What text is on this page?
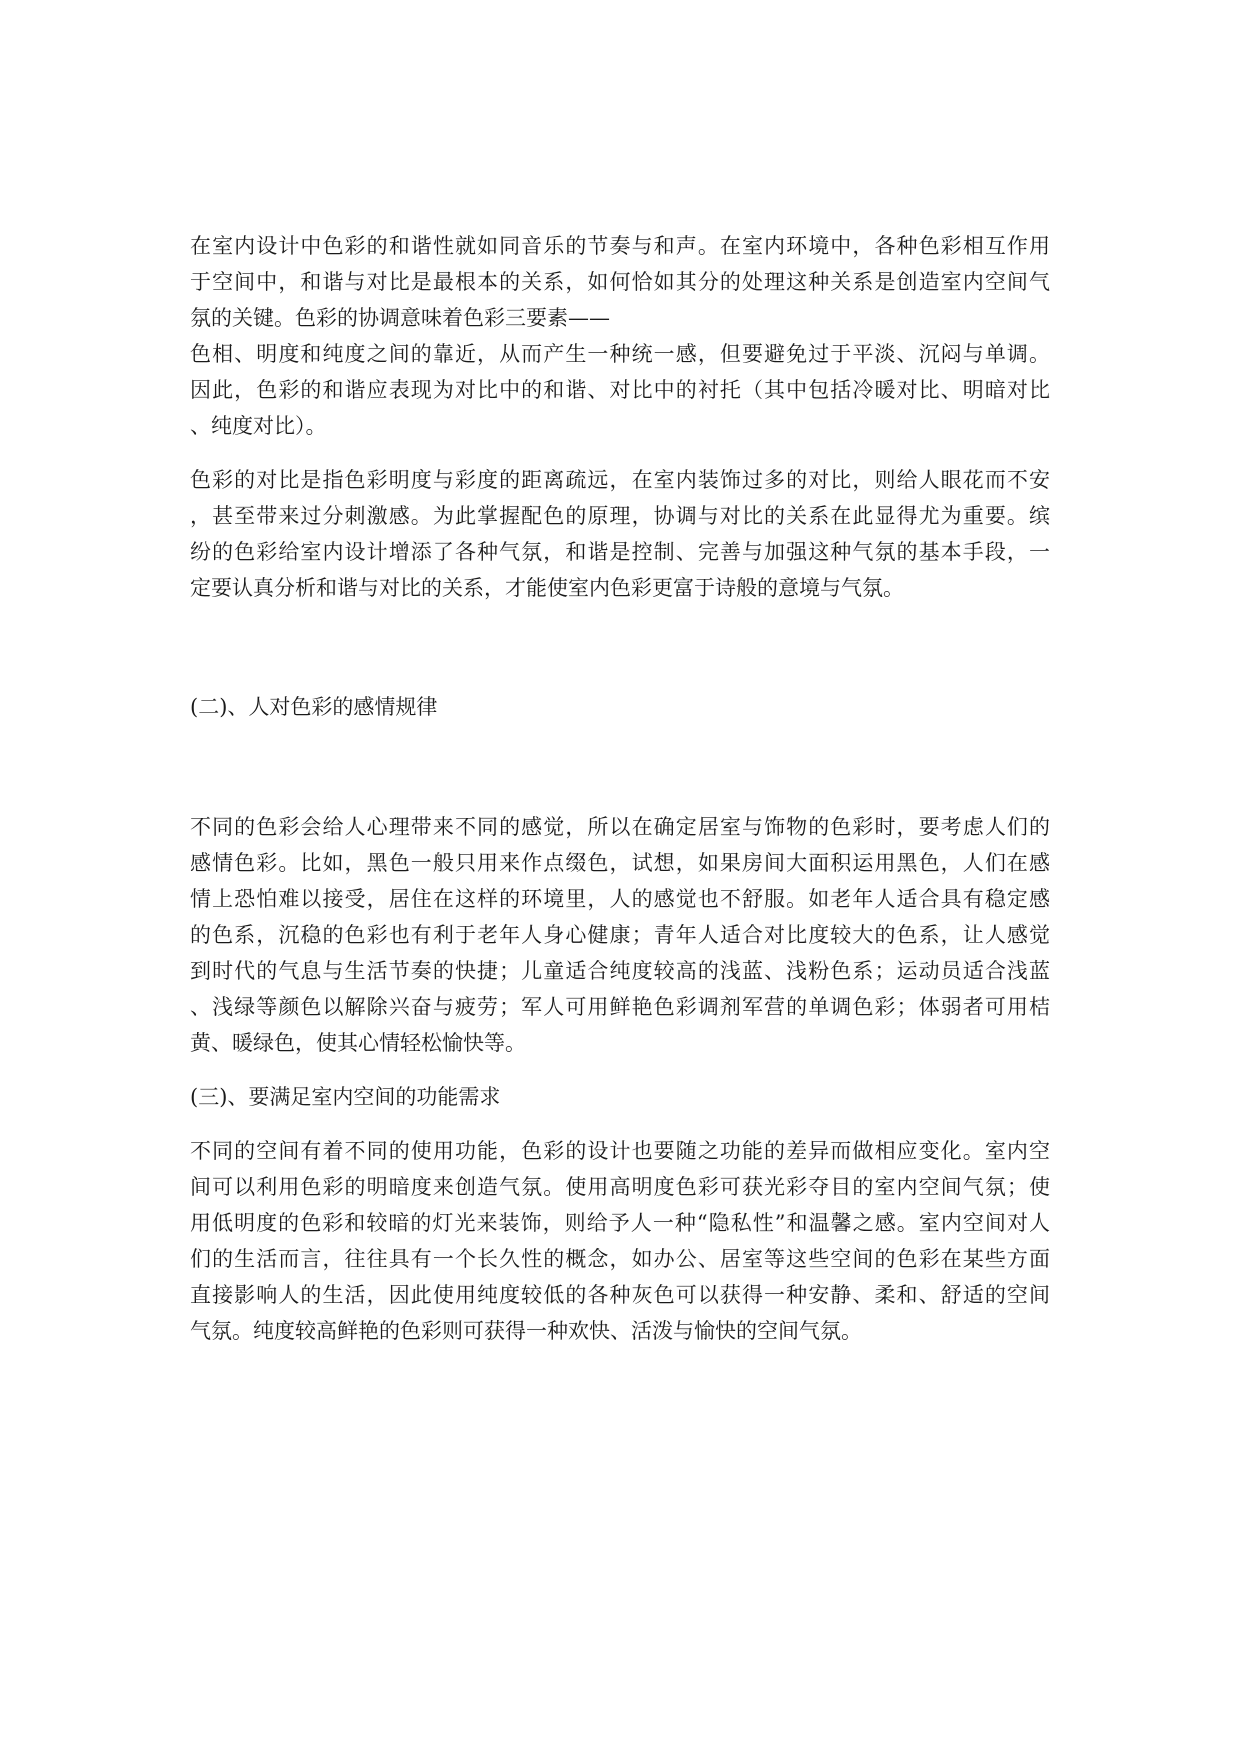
在室内设计中色彩的和谐性就如同音乐的节奏与和声。在室内环境中，各种色彩相互作用
于空间中，和谐与对比是最根本的关系，如何恰如其分的处理这种关系是创造室内空间气
氛的关键。色彩的协调意味着色彩三要素——
色相、明度和纯度之间的靠近，从而产生一种统一感，但要避免过于平淡、沉闷与单调。
因此，色彩的和谐应表现为对比中的和谐、对比中的衬托（其中包括冷暖对比、明暗对比
、纯度对比）。

色彩的对比是指色彩明度与彩度的距离疏远，在室内装饰过多的对比，则给人眼花而不安
，甚至带来过分刺激感。为此掌握配色的原理，协调与对比的关系在此显得尤为重要。缤
纷的色彩给室内设计增添了各种气氛，和谐是控制、完善与加强这种气氛的基本手段，一
定要认真分析和谐与对比的关系，才能使室内色彩更富于诗般的意境与气氛。

(二)、人对色彩的感情规律

不同的色彩会给人心理带来不同的感觉，所以在确定居室与饰物的色彩时，要考虑人们的
感情色彩。比如，黑色一般只用来作点缀色，试想，如果房间大面积运用黑色，人们在感
情上恐怕难以接受，居住在这样的环境里，人的感觉也不舒服。如老年人适合具有稳定感
的色系，沉稳的色彩也有利于老年人身心健康；青年人适合对比度较大的色系，让人感觉
到时代的气息与生活节奏的快捷；儿童适合纯度较高的浅蓝、浅粉色系；运动员适合浅蓝
、浅绿等颜色以解除兴奋与疲劳；军人可用鲜艳色彩调剂军营的单调色彩；体弱者可用桔
黄、暖绿色，使其心情轻松愉快等。

(三)、要满足室内空间的功能需求

不同的空间有着不同的使用功能，色彩的设计也要随之功能的差异而做相应变化。室内空
间可以利用色彩的明暗度来创造气氛。使用高明度色彩可获光彩夺目的室内空间气氛；使
用低明度的色彩和较暗的灯光来装饰，则给予人一种“隐私性”和温馨之感。室内空间对人
们的生活而言，往往具有一个长久性的概念，如办公、居室等这些空间的色彩在某些方面
直接影响人的生活，因此使用纯度较低的各种灰色可以获得一种安静、柔和、舒适的空间
气氛。纯度较高鲜艳的色彩则可获得一种欢快、活泼与愉快的空间气氛。
